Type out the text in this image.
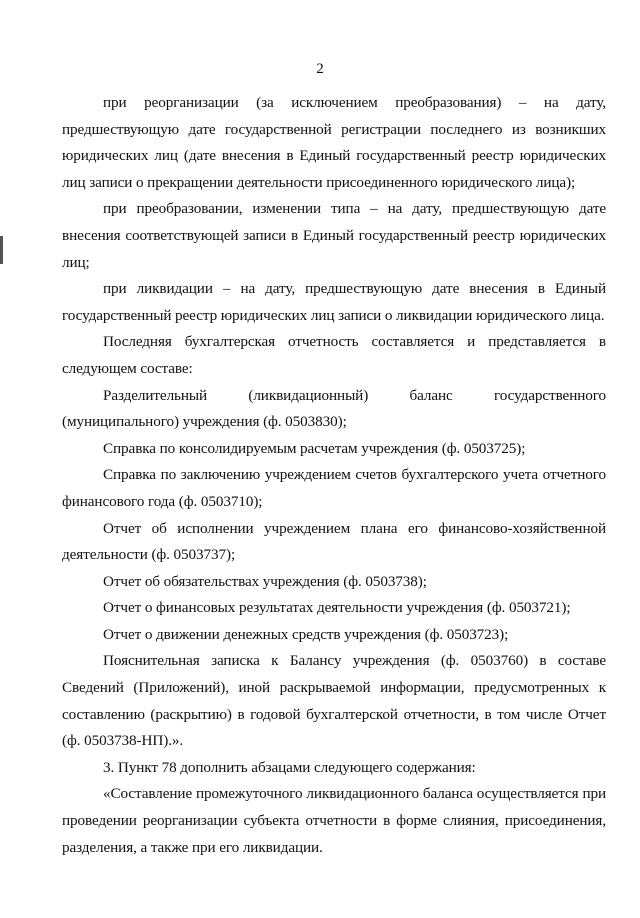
2

при реорганизации (за исключением преобразования) – на дату, предшествующую дате государственной регистрации последнего из возникших юридических лиц (дате внесения в Единый государственный реестр юридических лиц записи о прекращении деятельности присоединенного юридического лица);

при преобразовании, изменении типа – на дату, предшествующую дате внесения соответствующей записи в Единый государственный реестр юридических лиц;

при ликвидации – на дату, предшествующую дате внесения в Единый государственный реестр юридических лиц записи о ликвидации юридического лица.

Последняя бухгалтерская отчетность составляется и представляется в следующем составе:

Разделительный (ликвидационный) баланс государственного (муниципального) учреждения (ф. 0503830);

Справка по консолидируемым расчетам учреждения (ф. 0503725);

Справка по заключению учреждением счетов бухгалтерского учета отчетного финансового года (ф. 0503710);

Отчет об исполнении учреждением плана его финансово-хозяйственной деятельности (ф. 0503737);

Отчет об обязательствах учреждения (ф. 0503738);

Отчет о финансовых результатах деятельности учреждения (ф. 0503721);

Отчет о движении денежных средств учреждения (ф. 0503723);

Пояснительная записка к Балансу учреждения (ф. 0503760) в составе Сведений (Приложений), иной раскрываемой информации, предусмотренных к составлению (раскрытию) в годовой бухгалтерской отчетности, в том числе Отчет (ф. 0503738-НП).».

3. Пункт 78 дополнить абзацами следующего содержания:

«Составление промежуточного ликвидационного баланса осуществляется при проведении реорганизации субъекта отчетности в форме слияния, присоединения, разделения, а также при его ликвидации.
